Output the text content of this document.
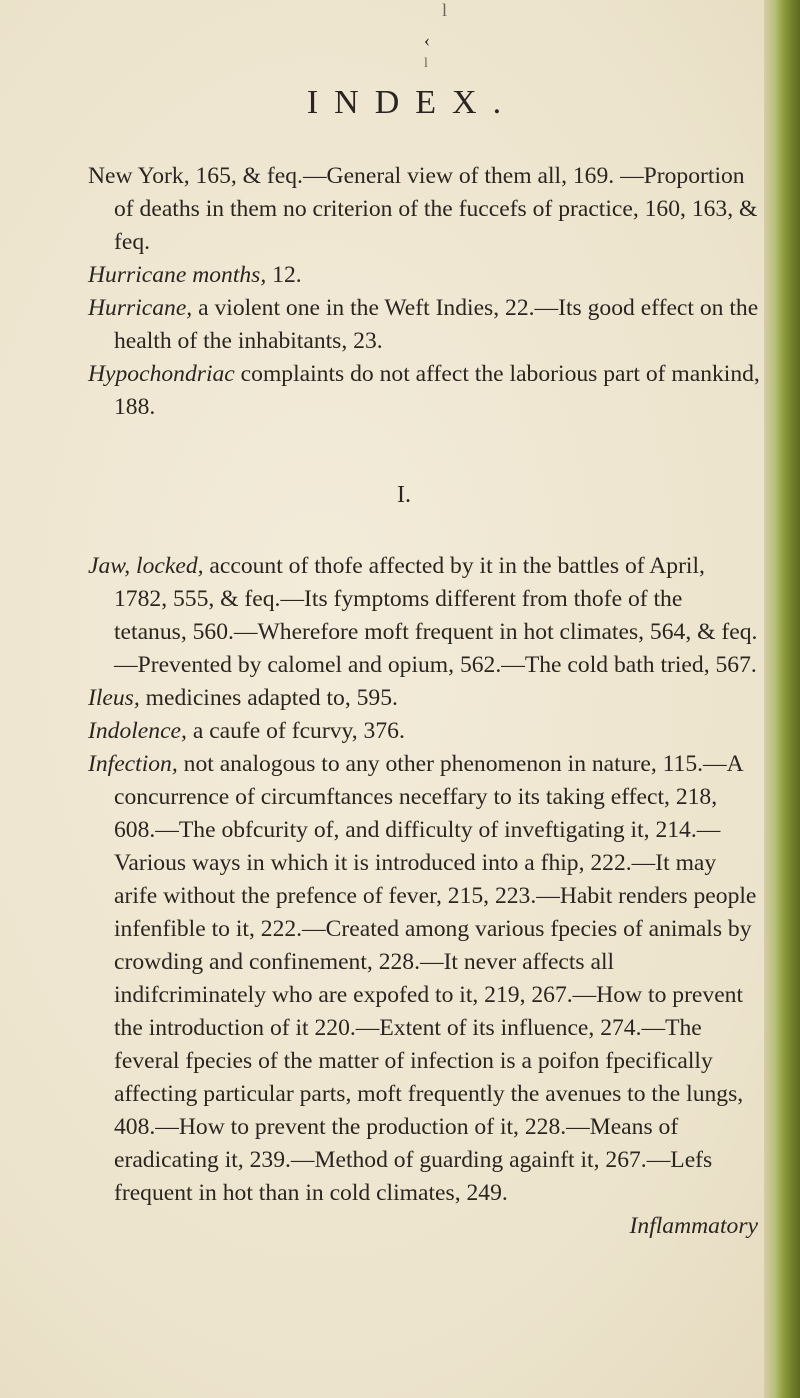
l
‹
l
INDEX.

New York, 165, & feq.—General view of them all, 169. —Proportion of deaths in them no criterion of the fuccefs of practice, 160, 163, & feq.

Hurricane months, 12.

Hurricane, a violent one in the Weft Indies, 22.—Its good effect on the health of the inhabitants, 23.

Hypochondriac complaints do not affect the laborious part of mankind, 188.

I.

Jaw, locked, account of thofe affected by it in the battles of April, 1782, 555, & feq.—Its fymptoms different from thofe of the tetanus, 560.—Wherefore moft frequent in hot climates, 564, & feq.—Prevented by calomel and opium, 562.—The cold bath tried, 567.

Ileus, medicines adapted to, 595.

Indolence, a caufe of fcurvy, 376.

Infection, not analogous to any other phenomenon in nature, 115.—A concurrence of circumftances neceffary to its taking effect, 218, 608.—The obfcurity of, and difficulty of inveftigating it, 214.—Various ways in which it is introduced into a fhip, 222.—It may arife without the prefence of fever, 215, 223.—Habit renders people infenfible to it, 222.—Created among various fpecies of animals by crowding and confinement, 228.—It never affects all indifcriminately who are expofed to it, 219, 267.—How to prevent the introduction of it 220.—Extent of its influence, 274.—The feveral fpecies of the matter of infection is a poifon fpecifically affecting particular parts, moft frequently the avenues to the lungs, 408.—How to prevent the production of it, 228.—Means of eradicating it, 239.—Method of guarding againft it, 267.—Lefs frequent in hot than in cold climates, 249.

Inflammatory
